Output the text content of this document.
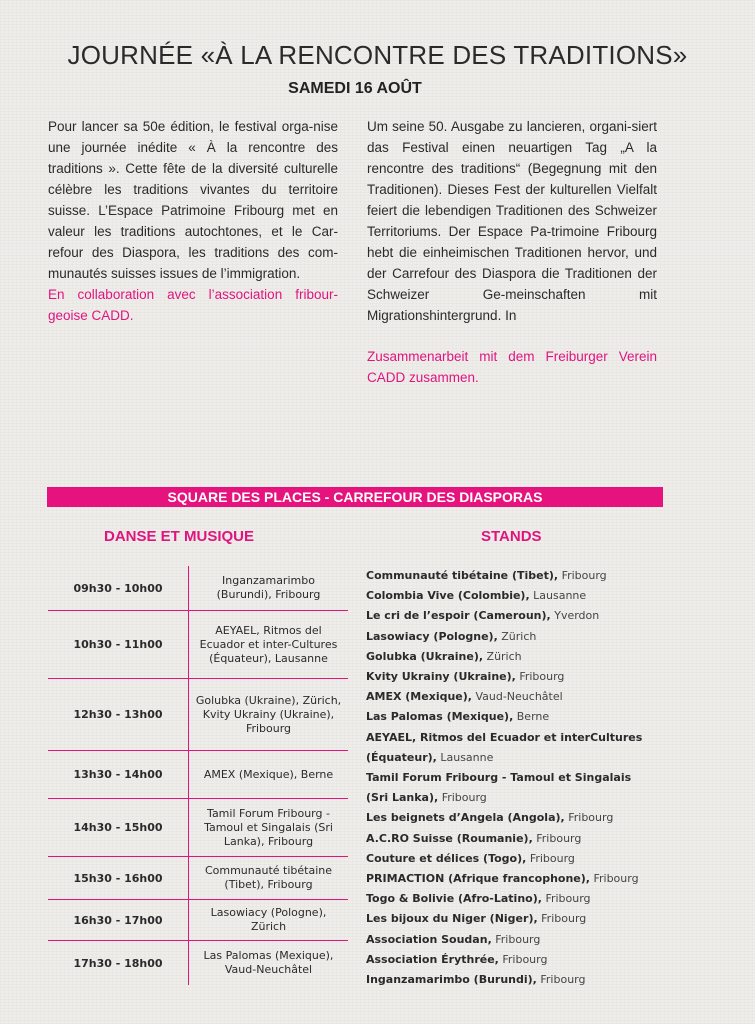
JOURNÉE «À LA RENCONTRE DES TRADITIONS»
SAMEDI 16 AOÛT

Pour lancer sa 50e édition, le festival orga-nise une journée inédite « À la rencontre des traditions ». Cette fête de la diversité culturelle célèbre les traditions vivantes du territoire suisse. L’Espace Patrimoine Fribourg met en valeur les traditions autochtones, et le Car- refour des Diaspora, les traditions des com- munautés suisses issues de l’immigration.

En collaboration avec l’association fribour-geoise CADD.

Um seine 50. Ausgabe zu lancieren, organi-siert das Festival einen neuartigen Tag „A la rencontre des traditions“ (Begegnung mit den Traditionen). Dieses Fest der kulturellen Vielfalt feiert die lebendigen Traditionen des Schweizer Territoriums. Der Espace Pa-trimoine Fribourg hebt die einheimischen Traditionen hervor, und der Carrefour des Diaspora die Traditionen der Schweizer Ge-meinschaften mit Migrationshintergrund. In

Zusammenarbeit mit dem Freiburger Verein CADD zusammen.

SQUARE DES PLACES - CARREFOUR DES DIASPORAS
DANSE ET MUSIQUE	STANDS
09h30 - 10h00
Inganzamarimbo (Burundi), Fribourg
10h30 - 11h00
AEYAEL, Ritmos del Ecuador et inter-Cultures (Équateur), Lausanne
12h30 - 13h00
Golubka (Ukraine), Zürich, Kvity Ukrainy (Ukraine), Fribourg
13h30 - 14h00	AMEX (Mexique), Berne
14h30 - 15h00
Tamil Forum Fribourg - Tamoul et Singalais (Sri Lanka), Fribourg
15h30 - 16h00
Communauté tibétaine (Tibet), Fribourg
16h30 - 17h00
Lasowiacy (Pologne), Zürich
17h30 - 18h00
Las Palomas (Mexique), Vaud-Neuchâtel
Communauté tibétaine (Tibet), Fribourg
Colombia Vive (Colombie), Lausanne
Le cri de l’espoir (Cameroun), Yverdon
Lasowiacy (Pologne), Zürich
Golubka (Ukraine), Zürich
Kvity Ukrainy (Ukraine), Fribourg
AMEX (Mexique), Vaud-Neuchâtel
Las Palomas (Mexique), Berne
AEYAEL, Ritmos del Ecuador et interCultures
(Équateur), Lausanne
Tamil Forum Fribourg - Tamoul et Singalais
(Sri Lanka), Fribourg
Les beignets d’Angela (Angola), Fribourg
A.C.RO Suisse (Roumanie), Fribourg
Couture et délices (Togo), Fribourg
PRIMACTION (Afrique francophone), Fribourg
Togo & Bolivie (Afro-Latino), Fribourg
Les bijoux du Niger (Niger), Fribourg
Association Soudan, Fribourg
Association Érythrée, Fribourg
Inganzamarimbo (Burundi), Fribourg
